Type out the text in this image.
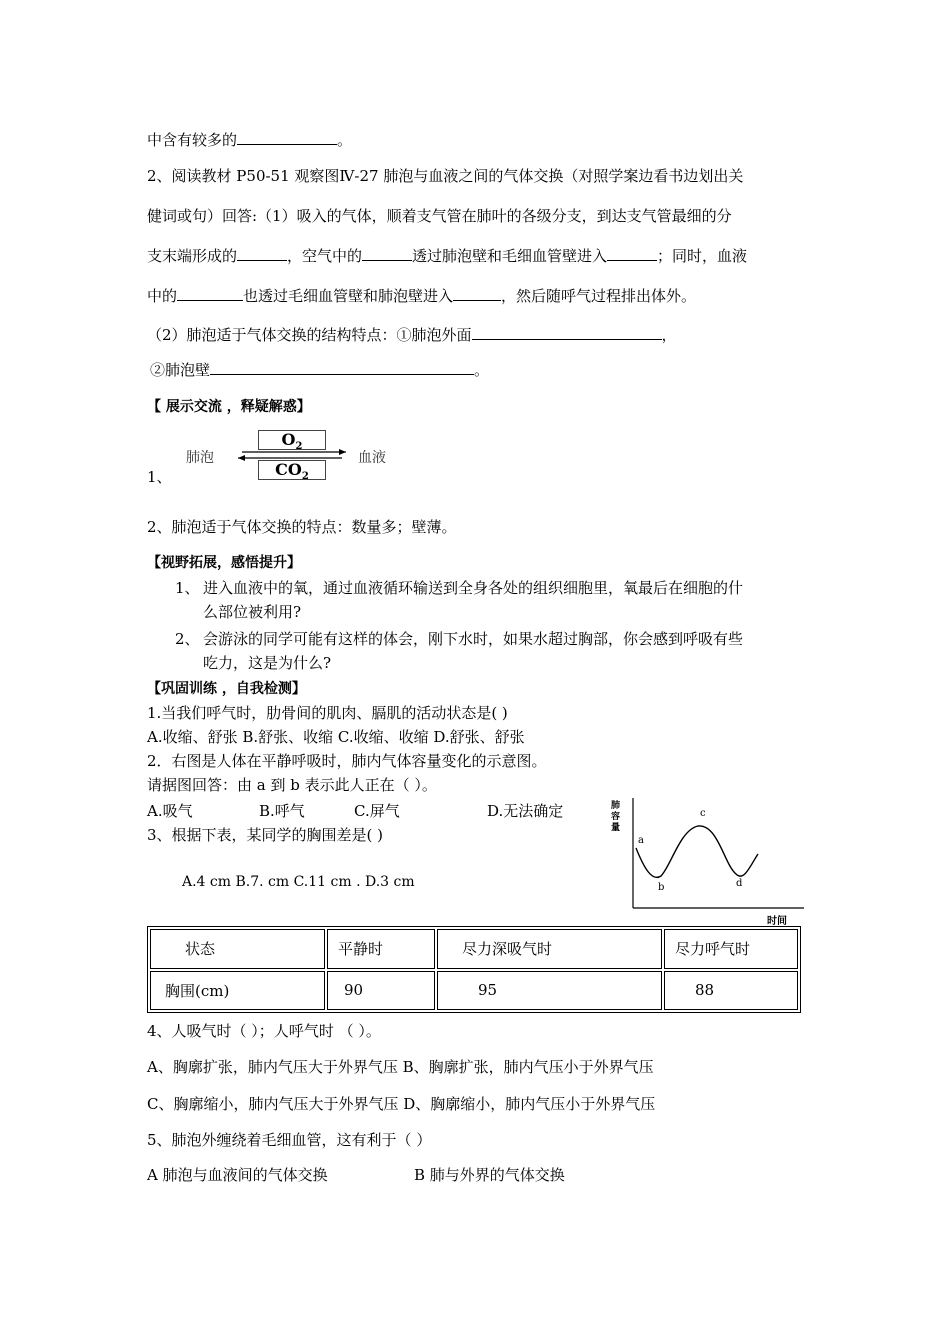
中含有较多的	。
2、阅读教材 P50-51 观察图Ⅳ-27 肺泡与血液之间的气体交换（对照学案边看书边划出关
健词或句）回答:（1）吸入的气体，顺着支气管在肺叶的各级分支，到达支气管最细的分
支末端形成的	，空气中的	透过肺泡壁和毛细血管壁进入	；同时，血液
中的	也透过毛细血管壁和肺泡壁进入	，然后随呼气过程排出体外。
（2）肺泡适于气体交换的结构特点：①肺泡外面	，
②肺泡壁	。
【 展示交流 ，释疑解惑】
1、
肺泡	血液
$O_2$
$CO_2$
2、肺泡适于气体交换的特点：数量多；壁薄。
【视野拓展，感悟提升】
1、 进入血液中的氧，通过血液循环输送到全身各处的组织细胞里，氧最后在细胞的什
么部位被利用?
2、 会游泳的同学可能有这样的体会，刚下水时，如果水超过胸部，你会感到呼吸有些
吃力，这是为什么?
【巩固训练 ，自我检测】
1.当我们呼气时，肋骨间的肌肉、膈肌的活动状态是( )
A.收缩、舒张 B.舒张、收缩 C.收缩、收缩 D.舒张、舒张
2．右图是人体在平静呼吸时，肺内气体容量变化的示意图。
请据图回答：由 a 到 b 表示此人正在（ ）。
A.吸气	B.呼气	C.屏气	D.无法确定
3、根据下表，某同学的胸围差是( )
A.4 cm B.7. cm C.11 cm . D.3 cm
a
b
c
d
肺容量
时间
状态	平静时	尽力深吸气时	尽力呼气时
胸围(cm)	90	95	88
4、人吸气时（ ）；人呼气时 （ ）。
A、胸廓扩张，肺内气压大于外界气压 B、胸廓扩张，肺内气压小于外界气压
C、胸廓缩小，肺内气压大于外界气压 D、胸廓缩小，肺内气压小于外界气压
5、肺泡外缠绕着毛细血管，这有利于（ ）
A 肺泡与血液间的气体交换	B 肺与外界的气体交换
